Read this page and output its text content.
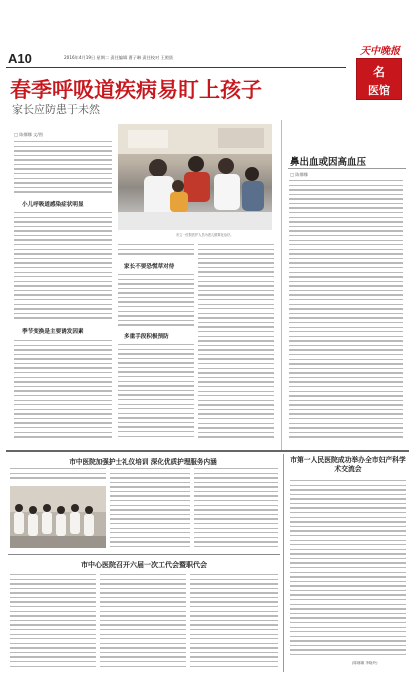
A10	2016年4月19日 星期二 责任编辑 曹子琳 责任校对 王照贤
天中晚报
名
医馆
春季呼吸道疾病易盯上孩子
家长应防患于未然
□ 陈娜娜 文/图
小儿呼吸道感染症状明显
季节变换是主要诱发因素
市立一医院医护人员为患儿做雾化治疗。
家长不要恐慌草对待
多重手段积极预防
鼻出血或因高血压
□ 陈娜娜
市中医院加强护士礼仪培训 深化优质护理服务内涵
市中心医院召开六届一次工代会暨职代会
市第一人民医院成功举办全市妇产科学术交流会
(陈娜娜 李晓玲)
